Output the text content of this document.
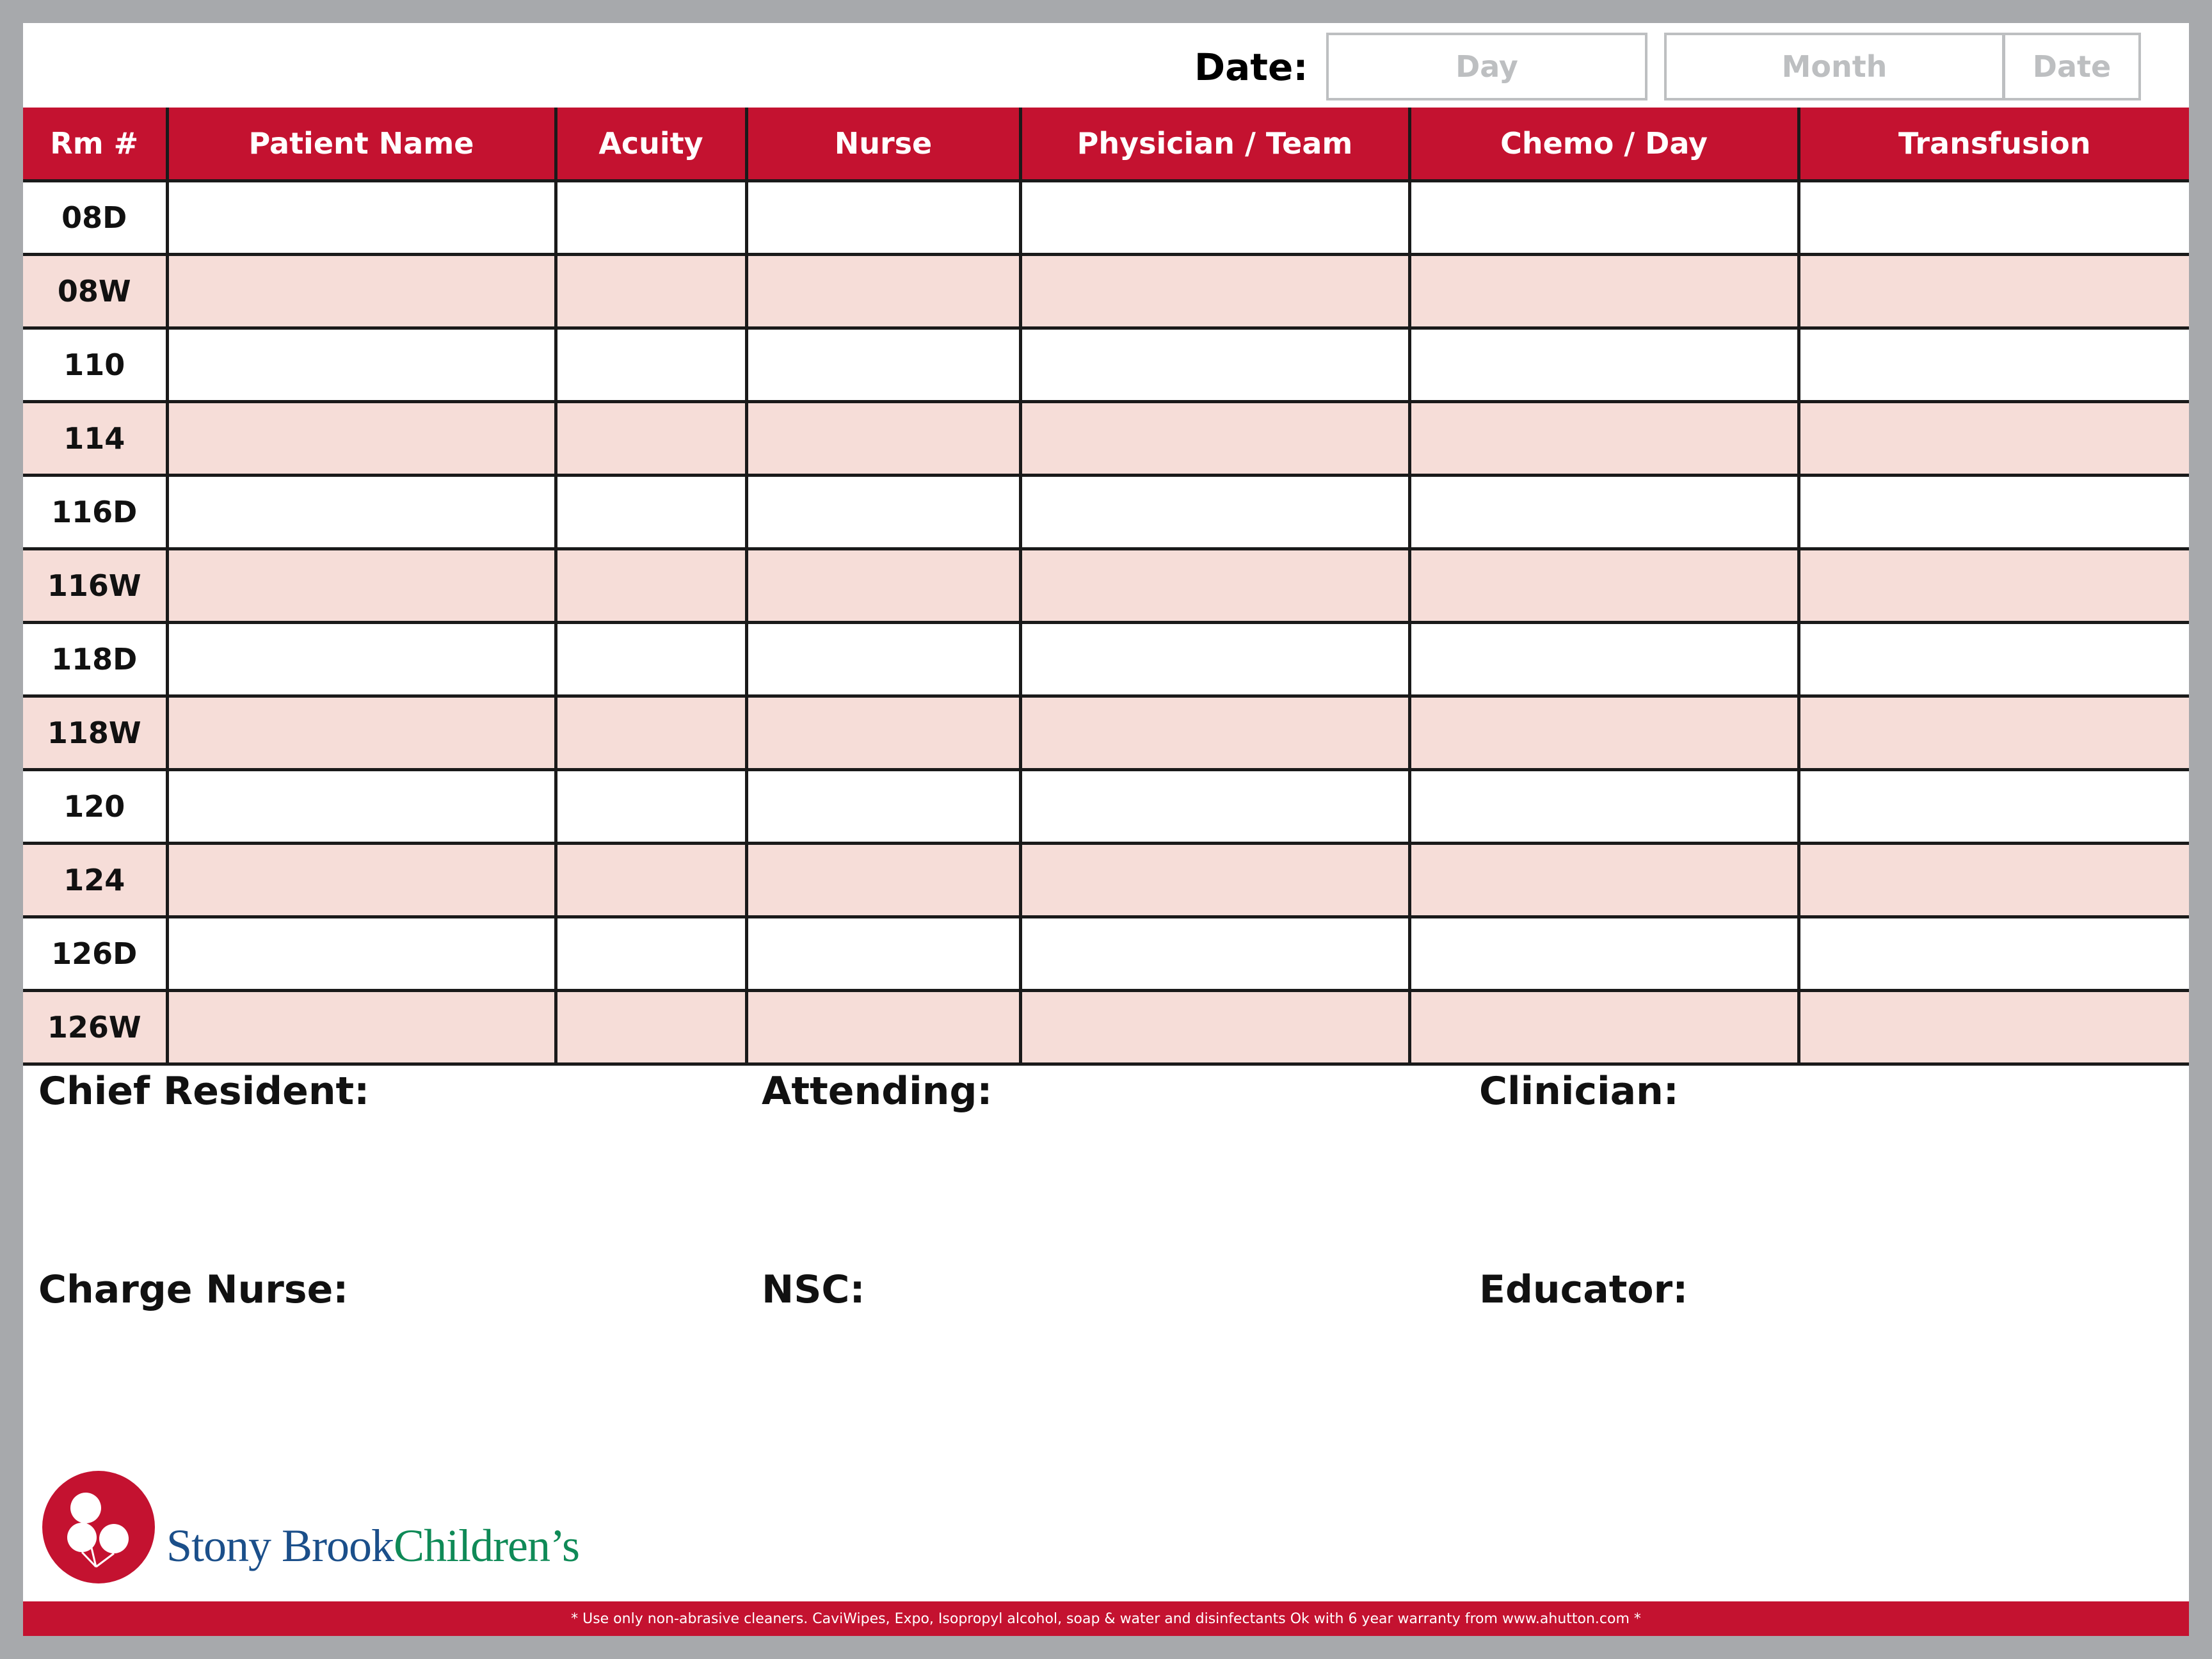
Date:	Day	Month	Date
Rm #	Patient Name	Acuity	Nurse	Physician / Team	Chemo / Day	Transfusion
08D						
08W						
110						
114						
116D						
116W						
118D						
118W						
120						
124						
126D						
126W						
Chief Resident:	Attending:	Clinician:
Charge Nurse:	NSC:	Educator:
Stony BrookChildren’s
* Use only non-abrasive cleaners. CaviWipes, Expo, Isopropyl alcohol, soap & water and disinfectants Ok with 6 year warranty from www.ahutton.com *
